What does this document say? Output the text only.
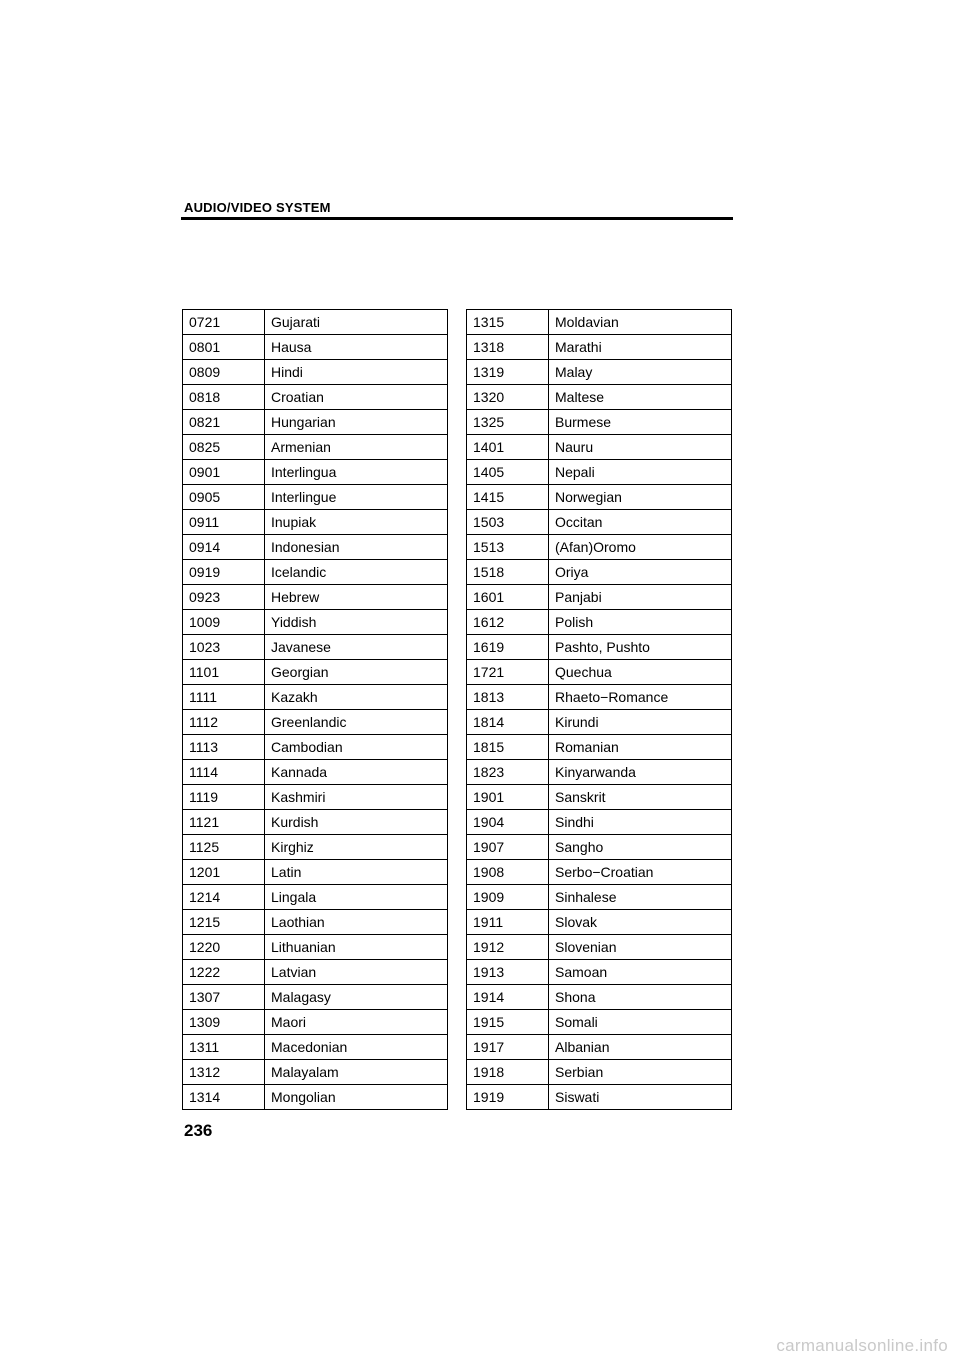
AUDIO/VIDEO SYSTEM
0721	Gujarati
0801	Hausa
0809	Hindi
0818	Croatian
0821	Hungarian
0825	Armenian
0901	Interlingua
0905	Interlingue
0911	Inupiak
0914	Indonesian
0919	Icelandic
0923	Hebrew
1009	Yiddish
1023	Javanese
1101	Georgian
1111	Kazakh
1112	Greenlandic
1113	Cambodian
1114	Kannada
1119	Kashmiri
1121	Kurdish
1125	Kirghiz
1201	Latin
1214	Lingala
1215	Laothian
1220	Lithuanian
1222	Latvian
1307	Malagasy
1309	Maori
1311	Macedonian
1312	Malayalam
1314	Mongolian
1315	Moldavian
1318	Marathi
1319	Malay
1320	Maltese
1325	Burmese
1401	Nauru
1405	Nepali
1415	Norwegian
1503	Occitan
1513	(Afan)Oromo
1518	Oriya
1601	Panjabi
1612	Polish
1619	Pashto, Pushto
1721	Quechua
1813	Rhaeto−Romance
1814	Kirundi
1815	Romanian
1823	Kinyarwanda
1901	Sanskrit
1904	Sindhi
1907	Sangho
1908	Serbo−Croatian
1909	Sinhalese
1911	Slovak
1912	Slovenian
1913	Samoan
1914	Shona
1915	Somali
1917	Albanian
1918	Serbian
1919	Siswati
236
carmanualsonline.info
